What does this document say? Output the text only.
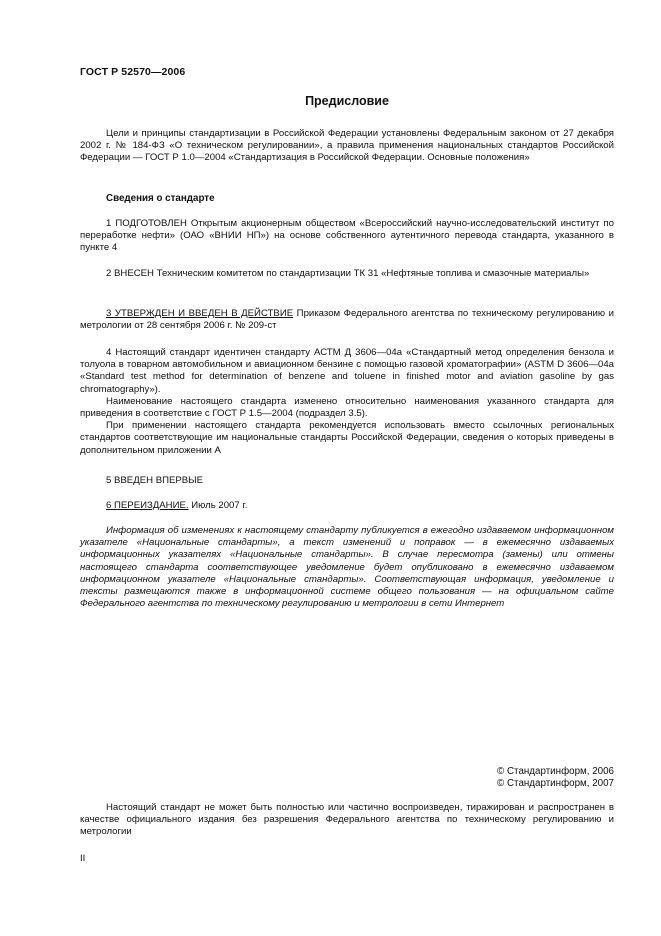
ГОСТ Р 52570—2006
Предисловие

Цели и принципы стандартизации в Российской Федерации установлены Федеральным законом от 27 декабря 2002 г. № 184-ФЗ «О техническом регулировании», а правила применения национальных стандартов Российской Федерации — ГОСТ Р 1.0—2004 «Стандартизация в Российской Федерации. Основные положения»

Сведения о стандарте

1 ПОДГОТОВЛЕН Открытым акционерным обществом «Всероссийский научно-исследовательский институт по переработке нефти» (ОАО «ВНИИ НП») на основе собственного аутентичного перевода стандарта, указанного в пункте 4

2 ВНЕСЕН Техническим комитетом по стандартизации ТК 31 «Нефтяные топлива и смазочные материалы»

3 УТВЕРЖДЕН И ВВЕДЕН В ДЕЙСТВИЕ Приказом Федерального агентства по техническому регулированию и метрологии от 28 сентября 2006 г. № 209-ст

4 Настоящий стандарт идентичен стандарту АСТМ Д 3606—04а «Стандартный метод определения бензола и толуола в товарном автомобильном и авиационном бензине с помощью газовой хроматографии» (ASTM D 3606—04a «Standard test method for determination of benzene and toluene in finished motor and aviation gasoline by gas chromatography»).

Наименование настоящего стандарта изменено относительно наименования указанного стандарта для приведения в соответствие с ГОСТ Р 1.5—2004 (подраздел 3.5).

При применении настоящего стандарта рекомендуется использовать вместо ссылочных региональных стандартов соответствующие им национальные стандарты Российской Федерации, сведения о которых приведены в дополнительном приложении А

5 ВВЕДЕН ВПЕРВЫЕ

6 ПЕРЕИЗДАНИЕ. Июль 2007 г.

Информация об изменениях к настоящему стандарту публикуется в ежегодно издаваемом информационном указателе «Национальные стандарты», а текст изменений и поправок — в ежемесячно издаваемых информационных указателях «Национальные стандарты». В случае пересмотра (замены) или отмены настоящего стандарта соответствующее уведомление будет опубликовано в ежемесячно издаваемом информационном указателе «Национальные стандарты». Соответствующая информация, уведомление и тексты размещаются также в информационной системе общего пользования — на официальном сайте Федерального агентства по техническому регулированию и метрологии в сети Интернет

© Стандартинформ, 2006
© Стандартинформ, 2007

Настоящий стандарт не может быть полностью или частично воспроизведен, тиражирован и распространен в качестве официального издания без разрешения Федерального агентства по техническому регулированию и метрологии

II
